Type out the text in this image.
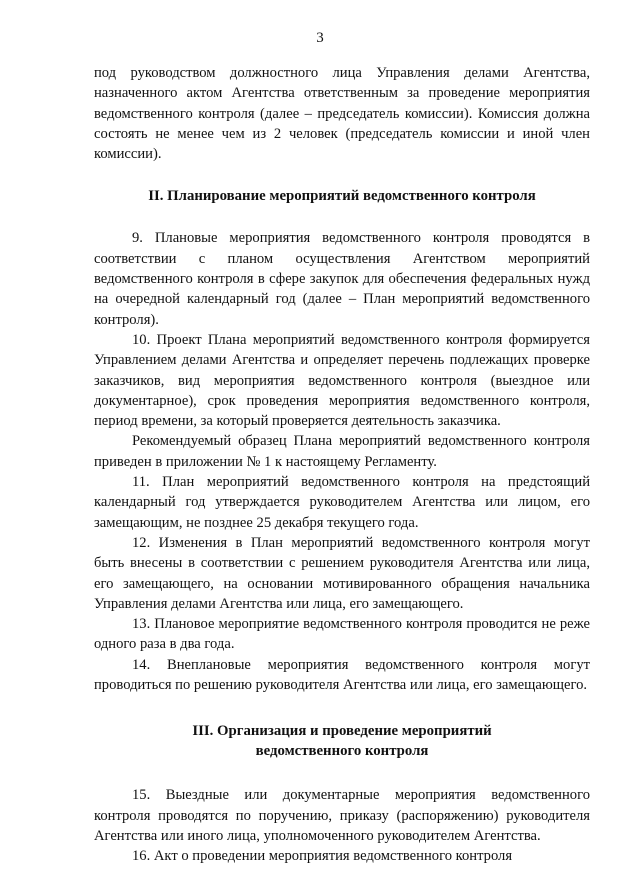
3

под руководством должностного лица Управления делами Агентства, назначенного актом Агентства ответственным за проведение мероприятия ведомственного контроля (далее – председатель комиссии). Комиссия должна состоять не менее чем из 2 человек (председатель комиссии и иной член комиссии).

II. Планирование мероприятий ведомственного контроля

9. Плановые мероприятия ведомственного контроля проводятся в соответствии с планом осуществления Агентством мероприятий ведомственного контроля в сфере закупок для обеспечения федеральных нужд на очередной календарный год (далее – План мероприятий ведомственного контроля).

10. Проект Плана мероприятий ведомственного контроля формируется Управлением делами Агентства и определяет перечень подлежащих проверке заказчиков, вид мероприятия ведомственного контроля (выездное или документарное), срок проведения мероприятия ведомственного контроля, период времени, за который проверяется деятельность заказчика.

Рекомендуемый образец Плана мероприятий ведомственного контроля приведен в приложении № 1 к настоящему Регламенту.

11. План мероприятий ведомственного контроля на предстоящий календарный год утверждается руководителем Агентства или лицом, его замещающим, не позднее 25 декабря текущего года.

12. Изменения в План мероприятий ведомственного контроля могут быть внесены в соответствии с решением руководителя Агентства или лица, его замещающего, на основании мотивированного обращения начальника Управления делами Агентства или лица, его замещающего.

13. Плановое мероприятие ведомственного контроля проводится не реже одного раза в два года.

14. Внеплановые мероприятия ведомственного контроля могут проводиться по решению руководителя Агентства или лица, его замещающего.

III. Организация и проведение мероприятий
ведомственного контроля

15. Выездные или документарные мероприятия ведомственного контроля проводятся по поручению, приказу (распоряжению) руководителя Агентства или иного лица, уполномоченного руководителем Агентства.

16. Акт о проведении мероприятия ведомственного контроля
